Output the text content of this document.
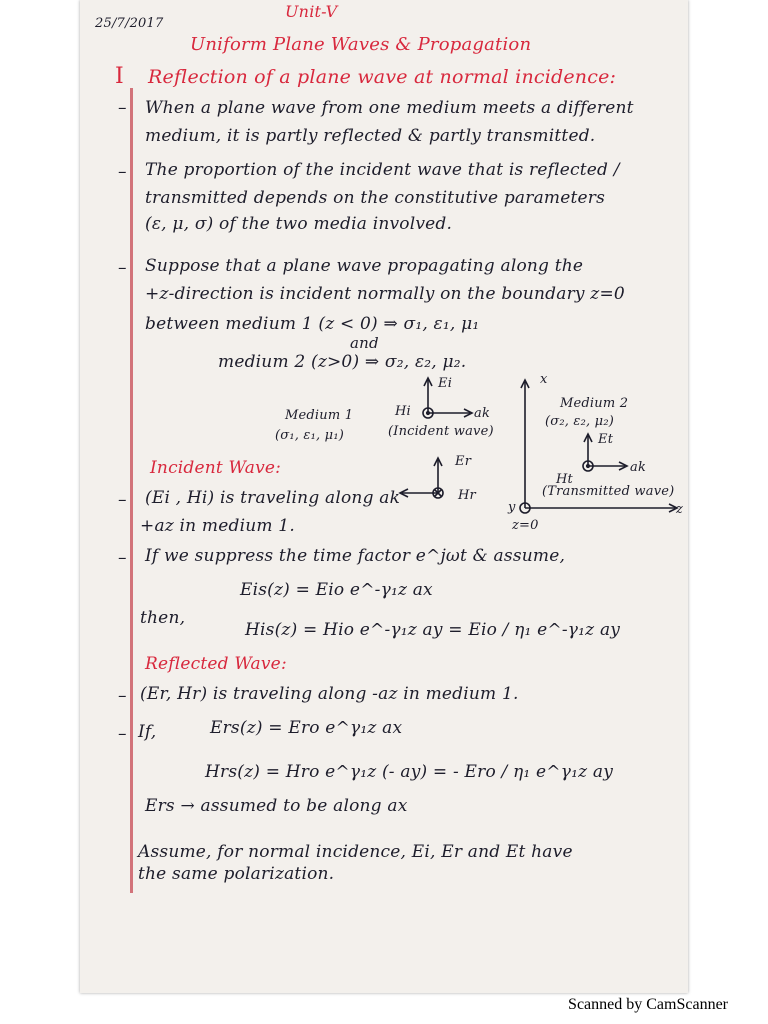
25/7/2017
Unit-V
Uniform Plane Waves & Propagation
I Reflection of a plane wave at normal incidence:
– When a plane wave from one medium meets a different
medium, it is partly reflected & partly transmitted.
– The proportion of the incident wave that is reflected /
transmitted depends on the constitutive parameters
(ε, μ, σ) of the two media involved.
– Suppose that a plane wave propagating along the
+z-direction is incident normally on the boundary z=0
between medium 1 (z < 0) ⇒ σ₁, ε₁, μ₁
and
medium 2 (z>0) ⇒ σ₂, ε₂, μ₂.
Medium 1
(σ₁, ε₁, μ₁)
Ei
Hi	ak
(Incident wave)
Er
Hr
x
Medium 2
(σ₂, ε₂, μ₂)
Et
Ht
ak
(Transmitted wave)
y	z
z=0
Incident Wave:
– (Ei , Hi) is traveling along ak
+az in medium 1.
– If we suppress the time factor e^jωt & assume,
Eis(z) = Eio e^-γ₁z ax
then,
His(z) = Hio e^-γ₁z ay = Eio / η₁ e^-γ₁z ay
Reflected Wave:
– (Er, Hr) is traveling along -az in medium 1.
– If,	Ers(z) = Ero e^γ₁z ax
Hrs(z) = Hro e^γ₁z (- ay) = - Ero / η₁ e^γ₁z ay
Ers → assumed to be along ax
Assume, for normal incidence, Ei, Er and Et have
the same polarization.
Scanned by CamScanner
